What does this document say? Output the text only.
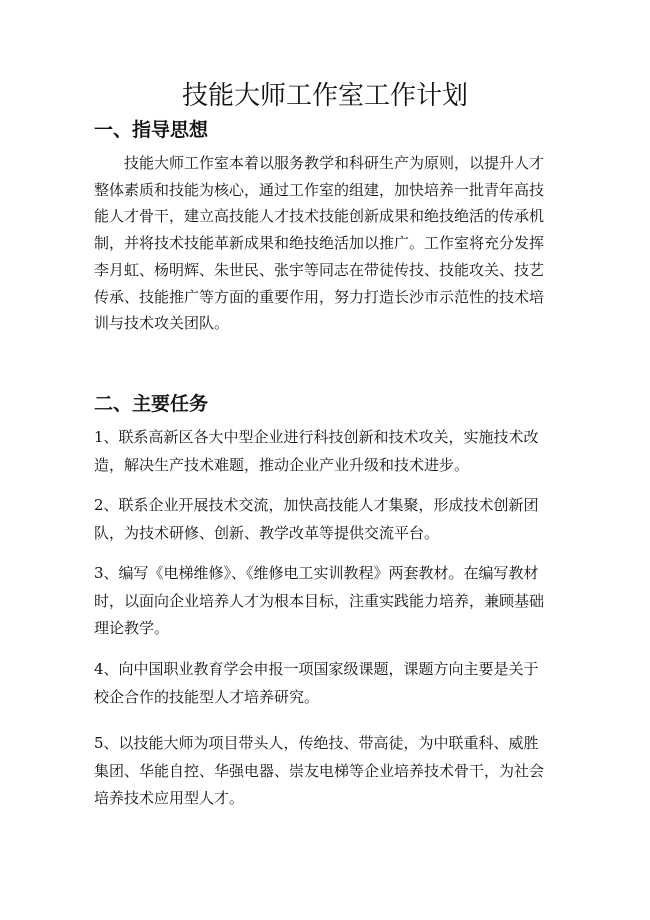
技能大师工作室工作计划
一、指导思想

技能大师工作室本着以服务教学和科研生产为原则，以提升人才
整体素质和技能为核心，通过工作室的组建，加快培养一批青年高技
能人才骨干，建立高技能人才技术技能创新成果和绝技绝活的传承机
制，并将技术技能革新成果和绝技绝活加以推广。工作室将充分发挥
李月虹、杨明辉、朱世民、张宇等同志在带徒传技、技能攻关、技艺
传承、技能推广等方面的重要作用，努力打造长沙市示范性的技术培
训与技术攻关团队。

二、主要任务

1、联系高新区各大中型企业进行科技创新和技术攻关，实施技术改
造，解决生产技术难题，推动企业产业升级和技术进步。

2、联系企业开展技术交流，加快高技能人才集聚，形成技术创新团
队，为技术研修、创新、教学改革等提供交流平台。

3、编写《电梯维修》、《维修电工实训教程》两套教材。在编写教材
时，以面向企业培养人才为根本目标，注重实践能力培养，兼顾基础
理论教学。

4、向中国职业教育学会申报一项国家级课题，课题方向主要是关于
校企合作的技能型人才培养研究。

5、以技能大师为项目带头人，传绝技、带高徒，为中联重科、威胜
集团、华能自控、华强电器、崇友电梯等企业培养技术骨干，为社会
培养技术应用型人才。
